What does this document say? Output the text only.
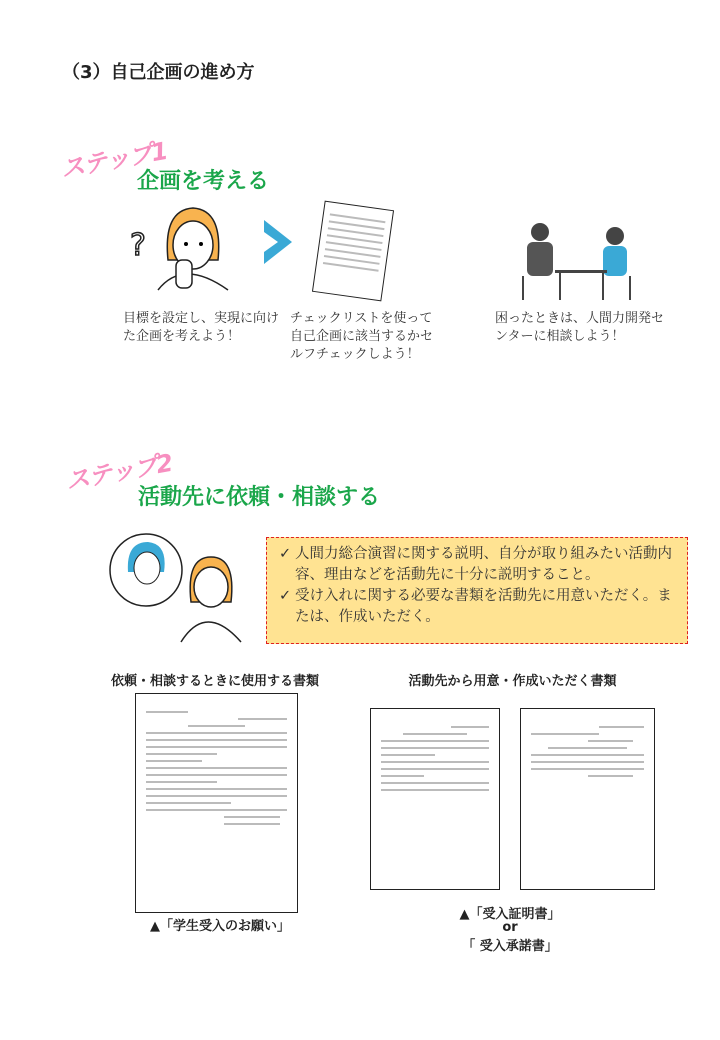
（3）自己企画の進め方
ステップ1
企画を考える
?
目標を設定し、実現に向けた企画を考えよう！
チェックリストを使って自己企画に該当するかセルフチェックしよう！
困ったときは、人間力開発センターに相談しよう！
ステップ2
活動先に依頼・相談する
✓ 人間力総合演習に関する説明、自分が取り組みたい活動内容、理由などを活動先に十分に説明すること。
✓ 受け入れに関する必要な書類を活動先に用意いただく。または、作成いただく。
依頼・相談するときに使用する書類	活動先から用意・作成いただく書類
▲「学生受入のお願い」
▲「受入証明書」
or
「 受入承諾書」
